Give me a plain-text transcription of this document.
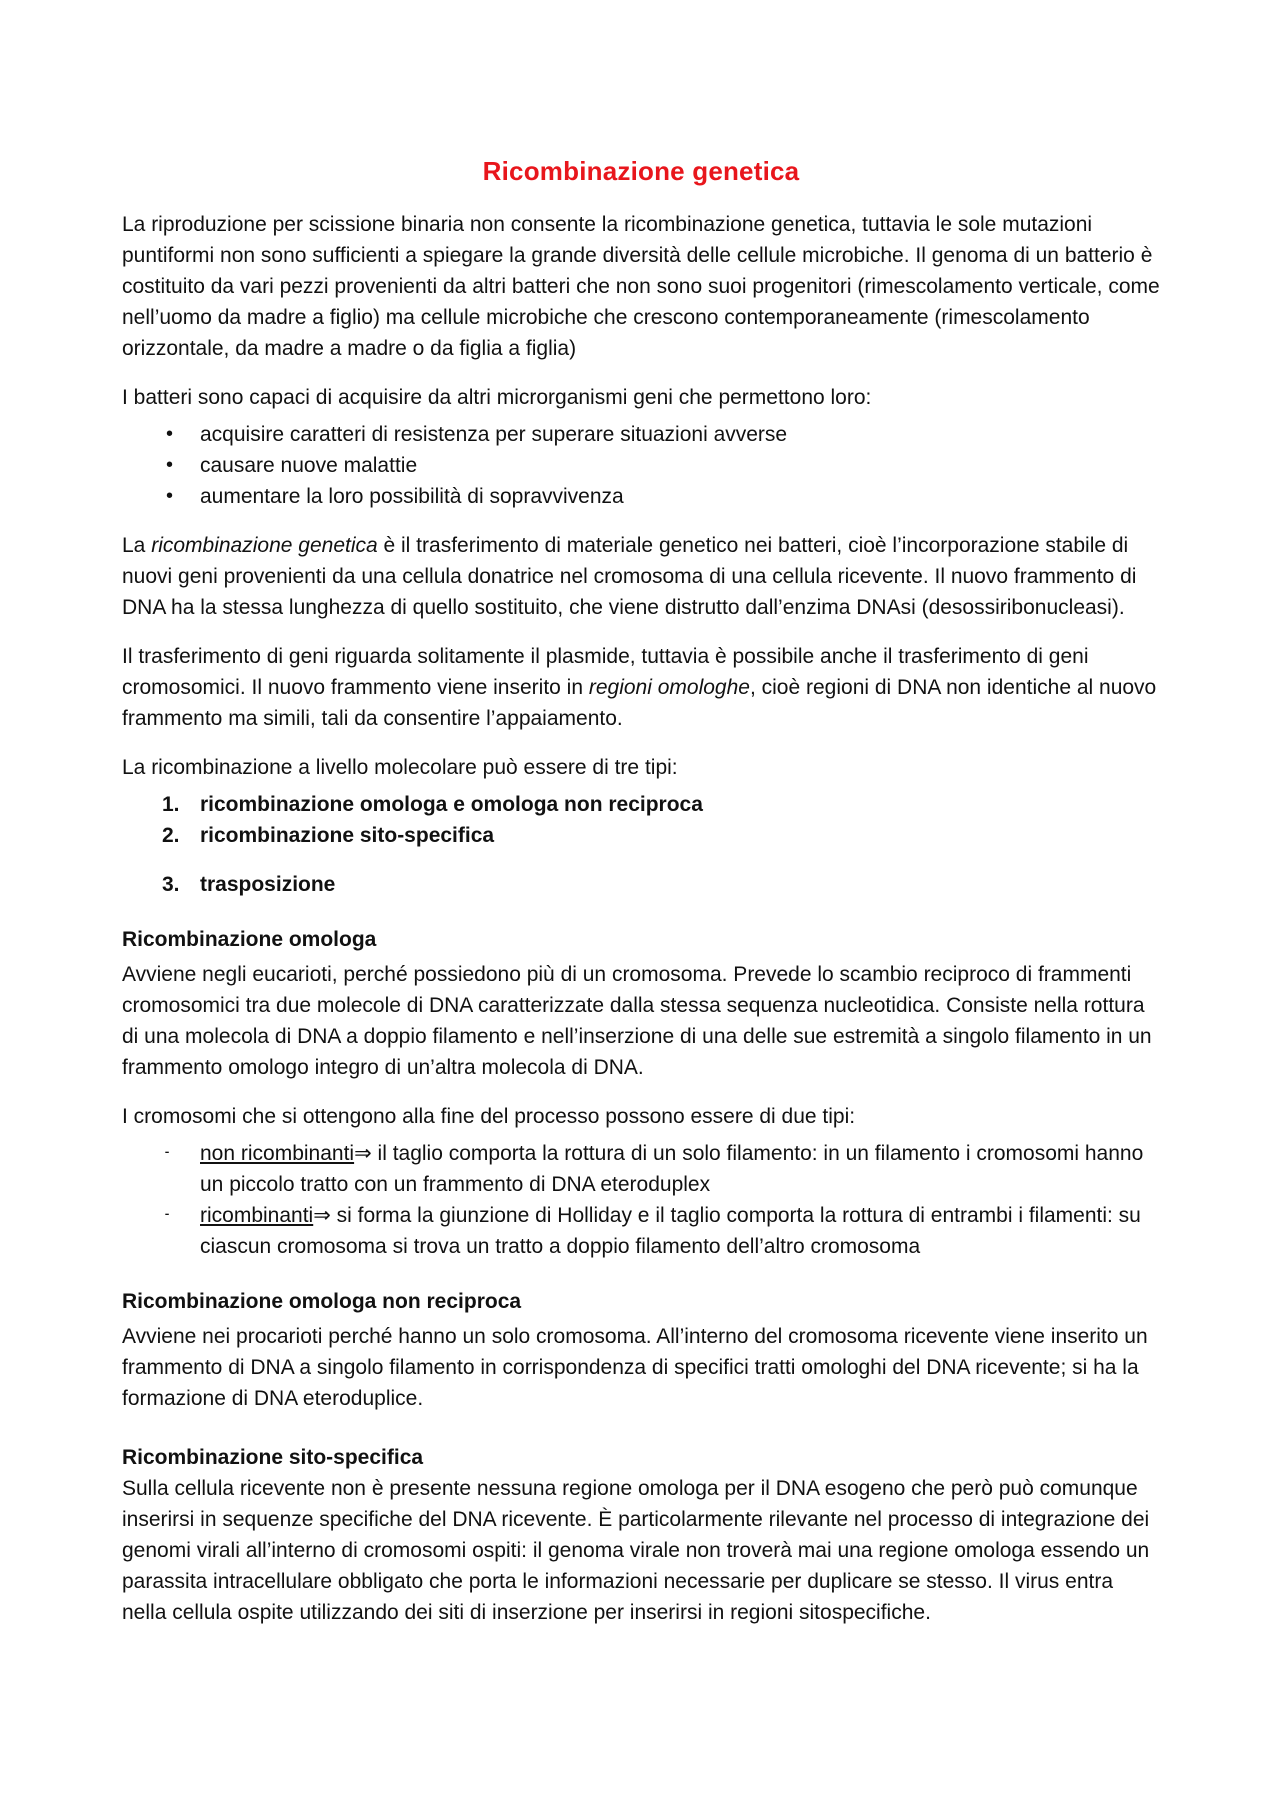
Ricombinazione genetica

La riproduzione per scissione binaria non consente la ricombinazione genetica, tuttavia le sole mutazioni puntiformi non sono sufficienti a spiegare la grande diversità delle cellule microbiche. Il genoma di un batterio è costituito da vari pezzi provenienti da altri batteri che non sono suoi progenitori (rimescolamento verticale, come nell’uomo da madre a figlio) ma cellule microbiche che crescono contemporaneamente (rimescolamento orizzontale, da madre a madre o da figlia a figlia)

I batteri sono capaci di acquisire da altri microrganismi geni che permettono loro:

• acquisire caratteri di resistenza per superare situazioni avverse
• causare nuove malattie
• aumentare la loro possibilità di sopravvivenza

La ricombinazione genetica è il trasferimento di materiale genetico nei batteri, cioè l’incorporazione stabile di nuovi geni provenienti da una cellula donatrice nel cromosoma di una cellula ricevente. Il nuovo frammento di DNA ha la stessa lunghezza di quello sostituito, che viene distrutto dall’enzima DNAsi (desossiribonucleasi).

Il trasferimento di geni riguarda solitamente il plasmide, tuttavia è possibile anche il trasferimento di geni cromosomici. Il nuovo frammento viene inserito in regioni omologhe, cioè regioni di DNA non identiche al nuovo frammento ma simili, tali da consentire l’appaiamento.

La ricombinazione a livello molecolare può essere di tre tipi:

1. ricombinazione omologa e omologa non reciproca
2. ricombinazione sito-specifica
3. trasposizione
Ricombinazione omologa

Avviene negli eucarioti, perché possiedono più di un cromosoma. Prevede lo scambio reciproco di frammenti cromosomici tra due molecole di DNA caratterizzate dalla stessa sequenza nucleotidica. Consiste nella rottura di una molecola di DNA a doppio filamento e nell’inserzione di una delle sue estremità a singolo filamento in un frammento omologo integro di un’altra molecola di DNA.

I cromosomi che si ottengono alla fine del processo possono essere di due tipi:

⁃ non ricombinanti⇒ il taglio comporta la rottura di un solo filamento: in un filamento i cromosomi hanno un piccolo tratto con un frammento di DNA eteroduplex
⁃ ricombinanti⇒ si forma la giunzione di Holliday e il taglio comporta la rottura di entrambi i filamenti: su ciascun cromosoma si trova un tratto a doppio filamento dell’altro cromosoma
Ricombinazione omologa non reciproca

Avviene nei procarioti perché hanno un solo cromosoma. All’interno del cromosoma ricevente viene inserito un frammento di DNA a singolo filamento in corrispondenza di specifici tratti omologhi del DNA ricevente; si ha la formazione di DNA eteroduplice.

Ricombinazione sito-specifica

Sulla cellula ricevente non è presente nessuna regione omologa per il DNA esogeno che però può comunque inserirsi in sequenze specifiche del DNA ricevente. È particolarmente rilevante nel processo di integrazione dei genomi virali all’interno di cromosomi ospiti: il genoma virale non troverà mai una regione omologa essendo un parassita intracellulare obbligato che porta le informazioni necessarie per duplicare se stesso. Il virus entra nella cellula ospite utilizzando dei siti di inserzione per inserirsi in regioni sitospecifiche.
